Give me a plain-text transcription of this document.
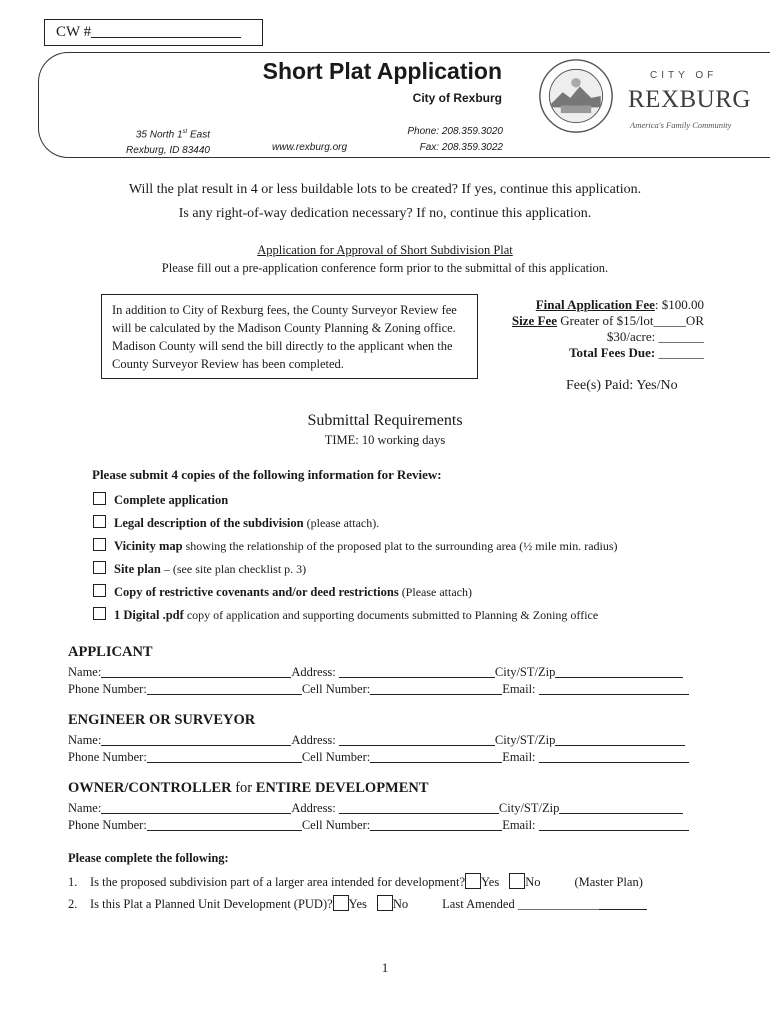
CW #
Short Plat Application
City of Rexburg
35 North 1st East
Rexburg, ID 83440	www.rexburg.org
Phone: 208.359.3020
Fax: 208.359.3022
CITY OF
REXBURG
America's Family Community
Will the plat result in 4 or less buildable lots to be created? If yes, continue this application.
Is any right-of-way dedication necessary? If no, continue this application.
Application for Approval of Short Subdivision Plat
Please fill out a pre-application conference form prior to the submittal of this application.
In addition to City of Rexburg fees, the County Surveyor Review fee will be calculated by the Madison County Planning & Zoning office. Madison County will send the bill directly to the applicant when the County Surveyor Review has been completed.
Final Application Fee: $100.00
Size Fee Greater of $15/lot_____OR
$30/acre: _______
Total Fees Due: _______
Fee(s) Paid: Yes/No
Submittal Requirements
TIME: 10 working days
Please submit 4 copies of the following information for Review:
Complete application
Legal description of the subdivision (please attach).
Vicinity map showing the relationship of the proposed plat to the surrounding area (½ mile min. radius)
Site plan – (see site plan checklist p. 3)
Copy of restrictive covenants and/or deed restrictions (Please attach)
1 Digital .pdf copy of application and supporting documents submitted to Planning & Zoning office
APPLICANT
Name:	Address:	City/ST/Zip
Phone Number:	Cell Number:	Email:
ENGINEER OR SURVEYOR
Name:	Address:	City/ST/Zip
Phone Number:	Cell Number:	Email:
OWNER/CONTROLLER for ENTIRE DEVELOPMENT
Name:	Address:	City/ST/Zip
Phone Number:	Cell Number:	Email:
Please complete the following:
1. Is the proposed subdivision part of a larger area intended for development? Yes No	(Master Plan)
2. Is this Plat a Planned Unit Development (PUD)? Yes No	Last Amended _____________
1
